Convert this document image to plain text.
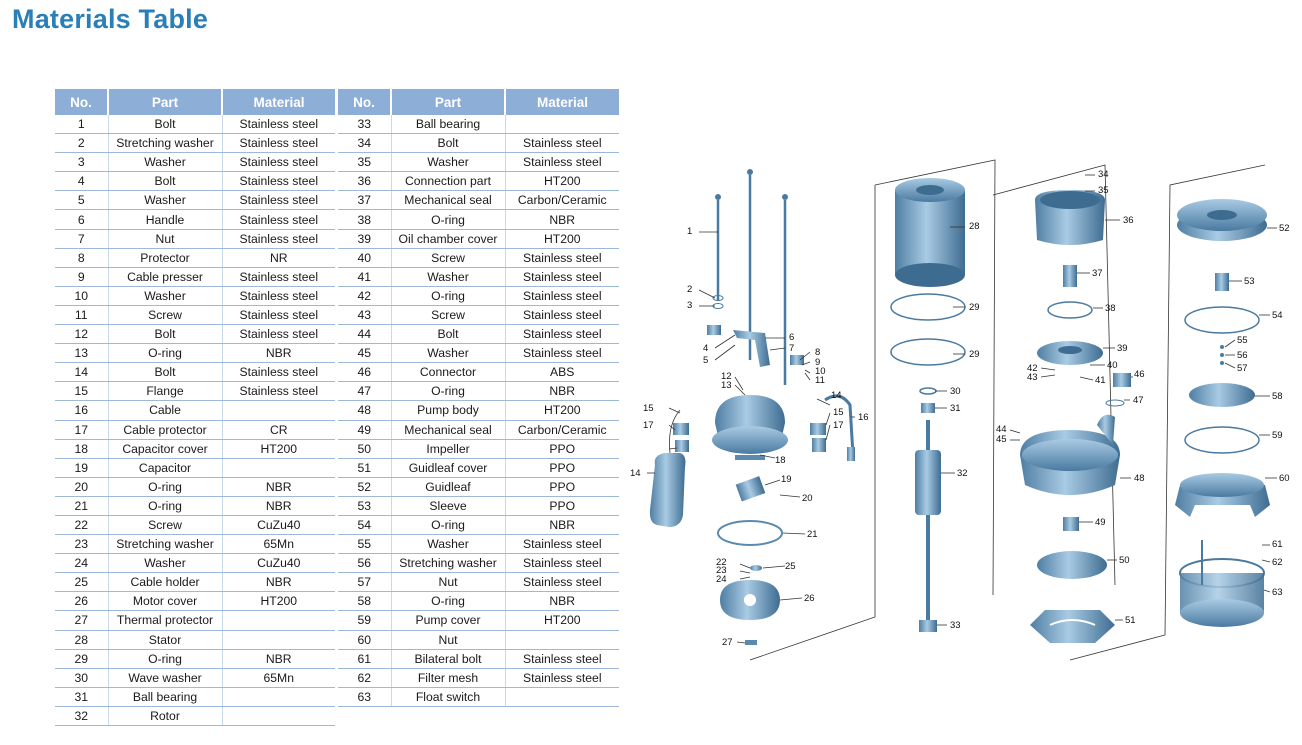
Materials Table
No.	Part	Material
1	Bolt	Stainless steel
2	Stretching washer	Stainless steel
3	Washer	Stainless steel
4	Bolt	Stainless steel
5	Washer	Stainless steel
6	Handle	Stainless steel
7	Nut	Stainless steel
8	Protector	NR
9	Cable presser	Stainless steel
10	Washer	Stainless steel
11	Screw	Stainless steel
12	Bolt	Stainless steel
13	O-ring	NBR
14	Bolt	Stainless steel
15	Flange	Stainless steel
16	Cable	
17	Cable protector	CR
18	Capacitor cover	HT200
19	Capacitor	
20	O-ring	NBR
21	O-ring	NBR
22	Screw	CuZu40
23	Stretching washer	65Mn
24	Washer	CuZu40
25	Cable holder	NBR
26	Motor cover	HT200
27	Thermal protector	
28	Stator	
29	O-ring	NBR
30	Wave washer	65Mn
31	Ball bearing	
32	Rotor	
No.	Part	Material
33	Ball bearing	
34	Bolt	Stainless steel
35	Washer	Stainless steel
36	Connection part	HT200
37	Mechanical seal	Carbon/Ceramic
38	O-ring	NBR
39	Oil chamber cover	HT200
40	Screw	Stainless steel
41	Washer	Stainless steel
42	O-ring	Stainless steel
43	Screw	Stainless steel
44	Bolt	Stainless steel
45	Washer	Stainless steel
46	Connector	ABS
47	O-ring	NBR
48	Pump body	HT200
49	Mechanical seal	Carbon/Ceramic
50	Impeller	PPO
51	Guidleaf cover	PPO
52	Guidleaf	PPO
53	Sleeve	PPO
54	O-ring	NBR
55	Washer	Stainless steel
56	Stretching washer	Stainless steel
57	Nut	Stainless steel
58	O-ring	NBR
59	Pump cover	HT200
60	Nut	
61	Bilateral bolt	Stainless steel
62	Filter mesh	Stainless steel
63	Float switch	
1
2
3
4
5
6
7 8
9
10
11
12
13
14
15 16
17
18
19
20
21
22
23
24
25
26
27
28
29
29
30
31
32
33
34
35
36
37
38
39
40
41
42
43
44
45
46
47
48
49
50
51
52
53
54
55
56
57
58
59
60
61
62
63
14
15
17
